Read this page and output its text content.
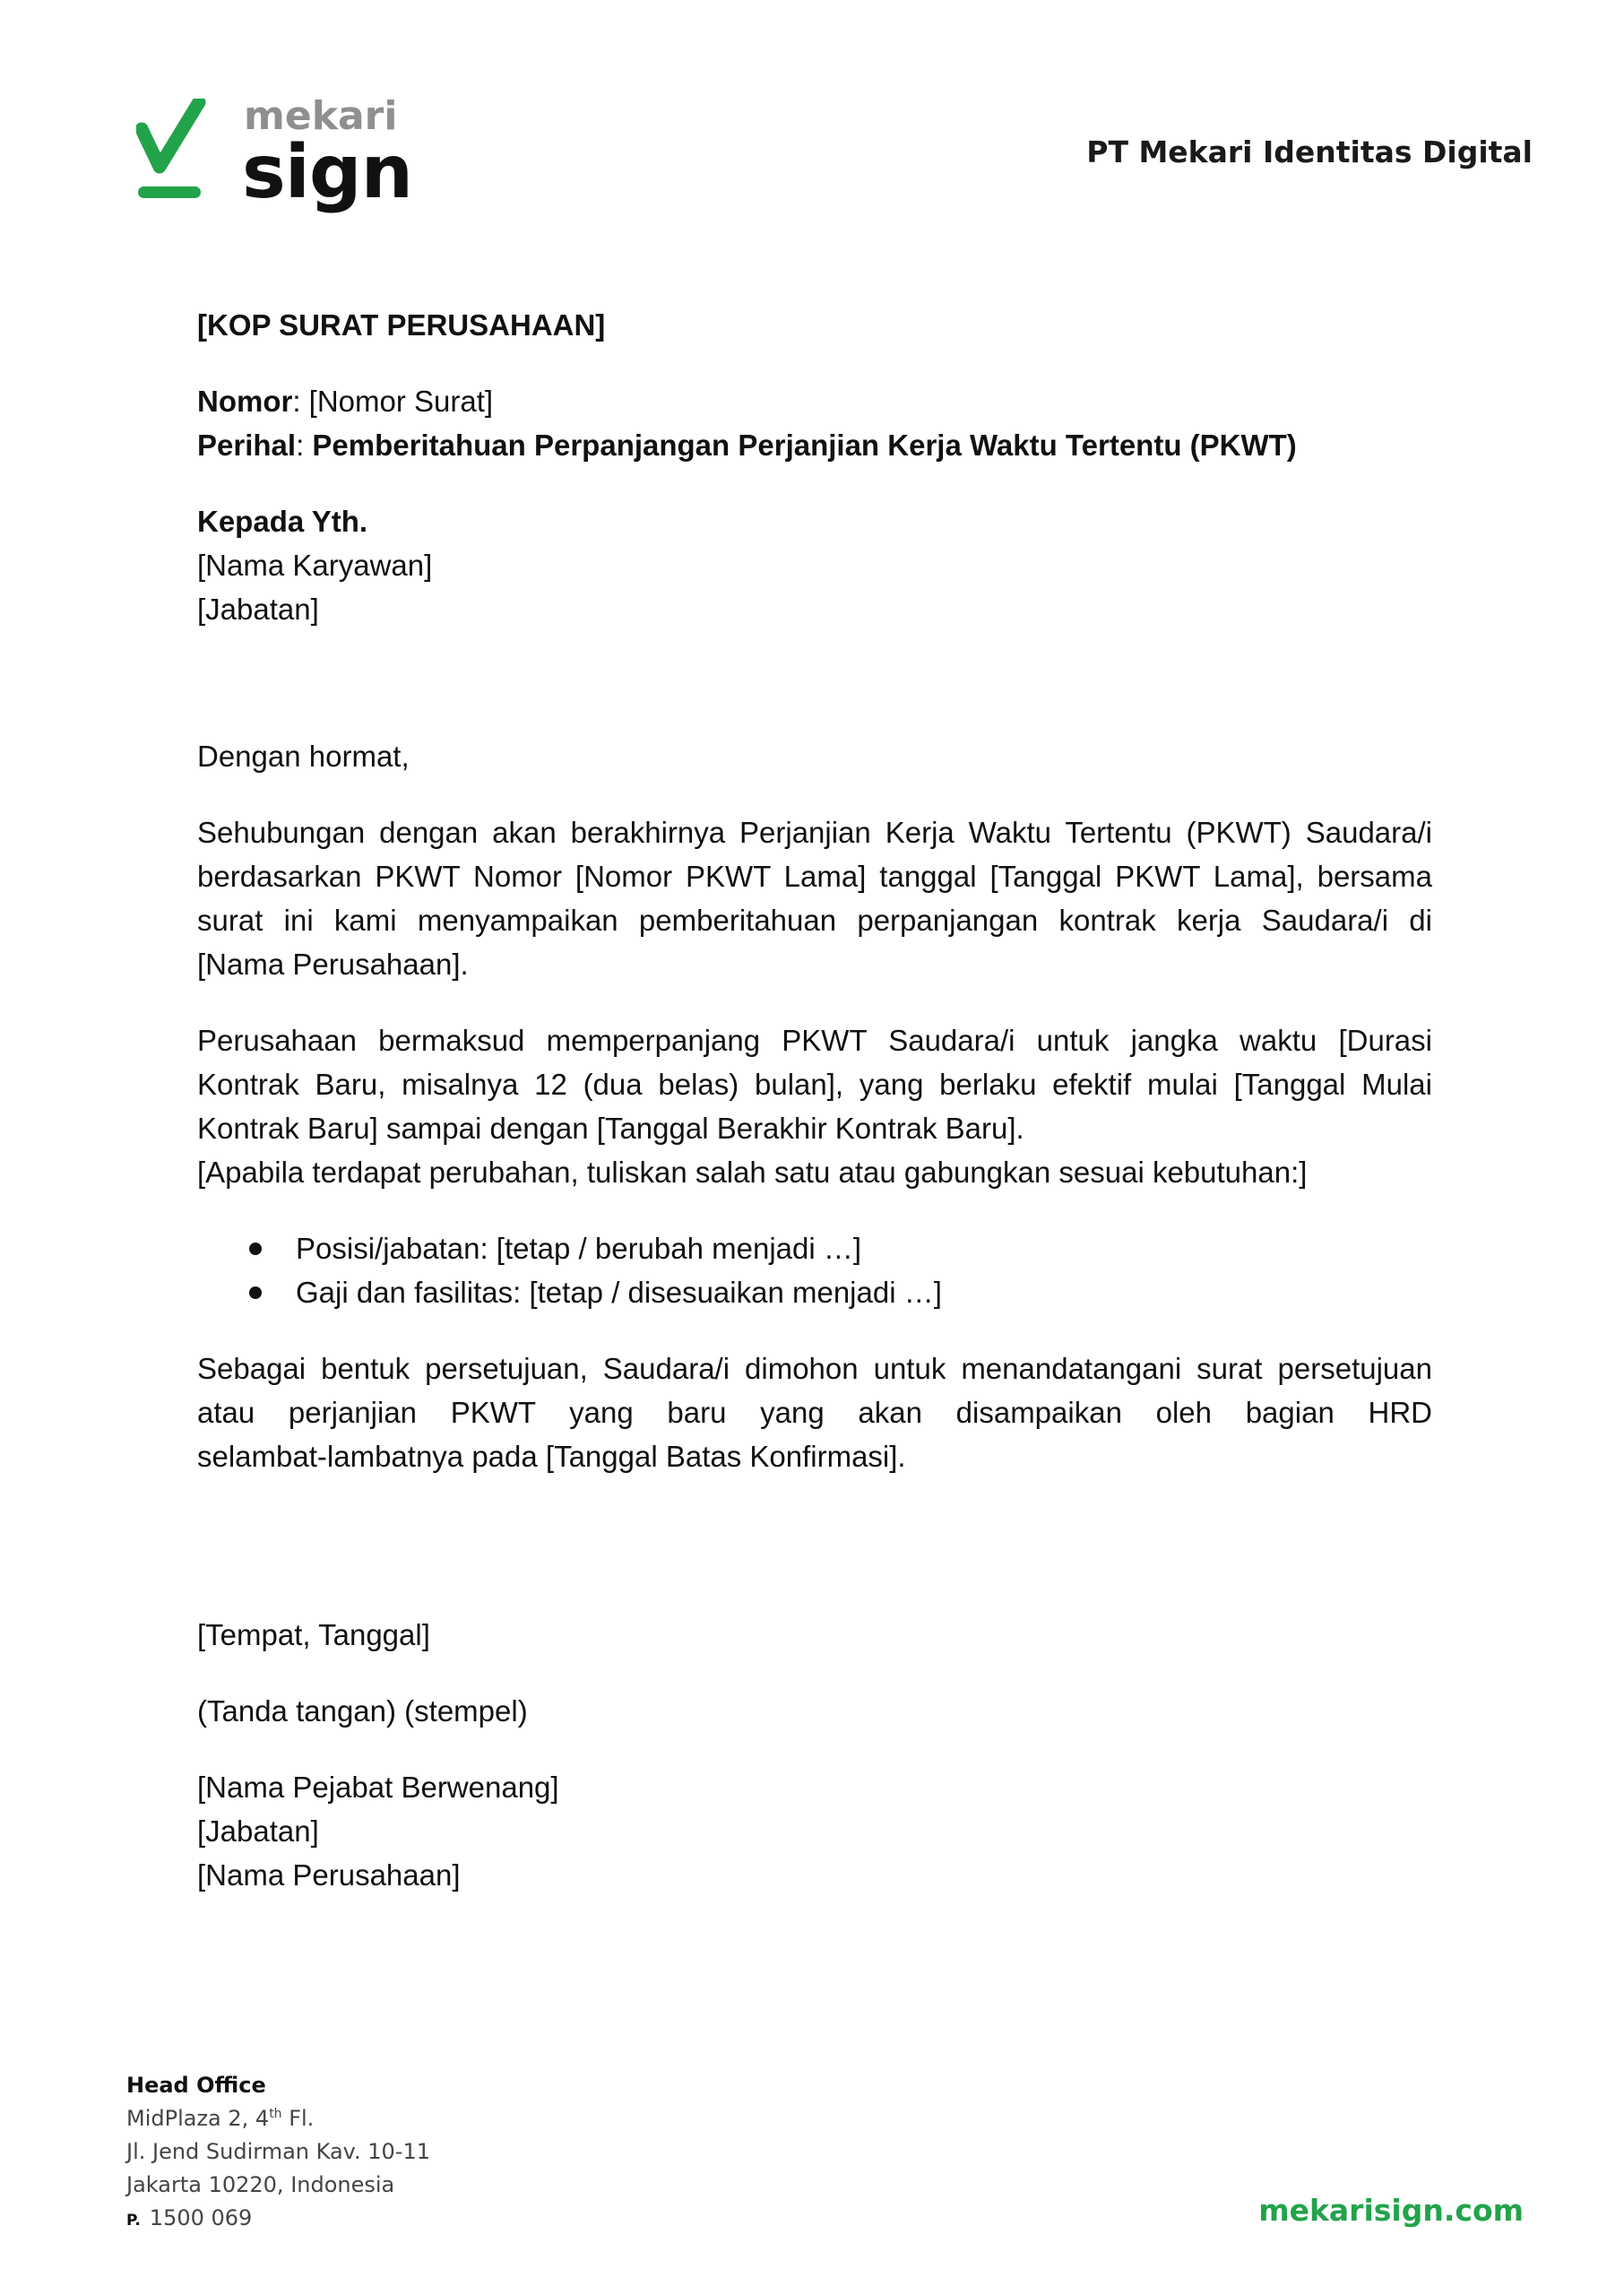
mekari
sign	PT Mekari Identitas Digital

[KOP SURAT PERUSAHAAN]

Nomor: [Nomor Surat]

Perihal: Pemberitahuan Perpanjangan Perjanjian Kerja Waktu Tertentu (PKWT)

Kepada Yth.

[Nama Karyawan]

[Jabatan]

Dengan hormat,

Sehubungan dengan akan berakhirnya Perjanjian Kerja Waktu Tertentu (PKWT) Saudara/i
berdasarkan PKWT Nomor [Nomor PKWT Lama] tanggal [Tanggal PKWT Lama], bersama
surat ini kami menyampaikan pemberitahuan perpanjangan kontrak kerja Saudara/i di
[Nama Perusahaan].
Perusahaan bermaksud memperpanjang PKWT Saudara/i untuk jangka waktu [Durasi
Kontrak Baru, misalnya 12 (dua belas) bulan], yang berlaku efektif mulai [Tanggal Mulai
Kontrak Baru] sampai dengan [Tanggal Berakhir Kontrak Baru].
[Apabila terdapat perubahan, tuliskan salah satu atau gabungkan sesuai kebutuhan:]
Posisi/jabatan: [tetap / berubah menjadi …]
Gaji dan fasilitas: [tetap / disesuaikan menjadi …]
Sebagai bentuk persetujuan, Saudara/i dimohon untuk menandatangani surat persetujuan
atau perjanjian PKWT yang baru yang akan disampaikan oleh bagian HRD
selambat-lambatnya pada [Tanggal Batas Konfirmasi].

[Tempat, Tanggal]

(Tanda tangan) (stempel)

[Nama Pejabat Berwenang]

[Jabatan]

[Nama Perusahaan]

Head Office
MidPlaza 2, 4th Fl.
Jl. Jend Sudirman Kav. 10-11
Jakarta 10220, Indonesia
P. 1500 069	mekarisign.com
